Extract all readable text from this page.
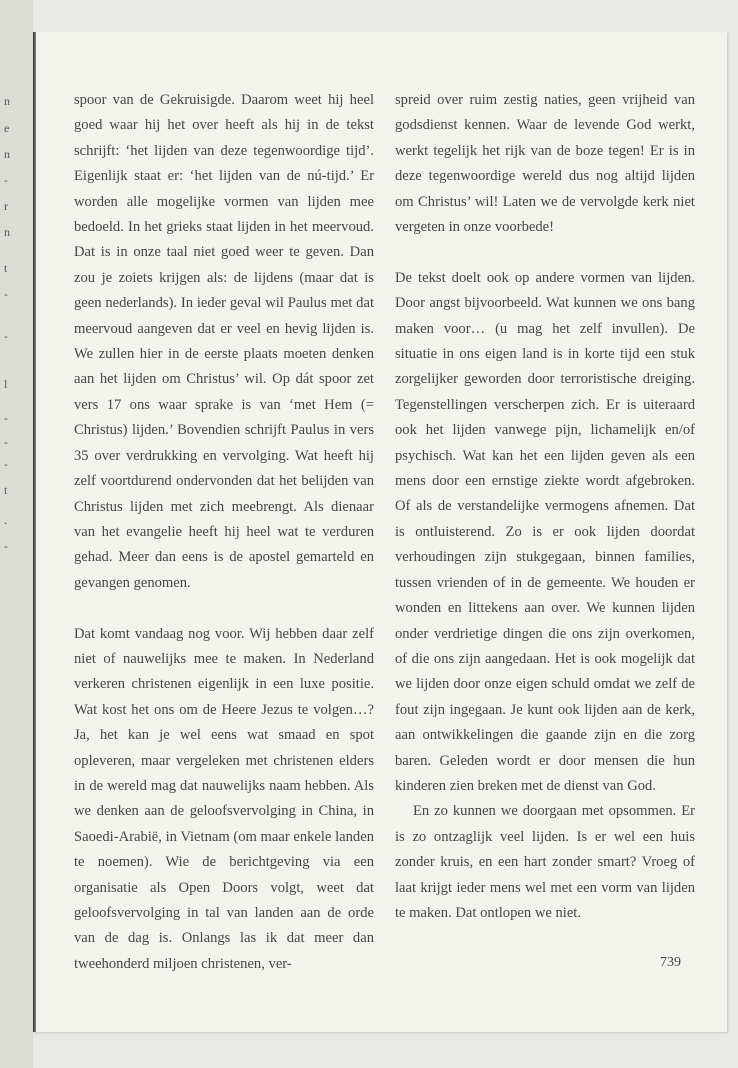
n
e
n
-
r
n
t
-
-
l
-
-
-
t
.
-

spoor van de Gekruisigde. Daarom weet hij heel goed waar hij het over heeft als hij in de tekst schrijft: ‘het lijden van deze tegenwoordige tijd’. Eigenlijk staat er: ‘het lijden van de nú-tijd.’ Er worden alle mogelijke vormen van lijden mee bedoeld. In het grieks staat lijden in het meervoud. Dat is in onze taal niet goed weer te geven. Dan zou je zoiets krijgen als: de lijdens (maar dat is geen nederlands). In ieder geval wil Paulus met dat meervoud aangeven dat er veel en hevig lijden is. We zullen hier in de eerste plaats moeten denken aan het lijden om Christus’ wil. Op dát spoor zet vers 17 ons waar sprake is van ‘met Hem (= Christus) lijden.’ Bovendien schrijft Paulus in vers 35 over verdrukking en vervolging. Wat heeft hij zelf voortdurend ondervonden dat het belijden van Christus lijden met zich meebrengt. Als dienaar van het evangelie heeft hij heel wat te verduren gehad. Meer dan eens is de apostel gemarteld en gevangen genomen.

Dat komt vandaag nog voor. Wij hebben daar zelf niet of nauwelijks mee te maken. In Nederland verkeren christenen eigenlijk in een luxe positie. Wat kost het ons om de Heere Jezus te volgen…? Ja, het kan je wel eens wat smaad en spot opleveren, maar vergeleken met christenen elders in de wereld mag dat nauwelijks naam hebben. Als we denken aan de geloofsvervolging in China, in Saoedi-Arabië, in Vietnam (om maar enkele landen te noemen). Wie de berichtgeving via een organisatie als Open Doors volgt, weet dat geloofsvervolging in tal van landen aan de orde van de dag is. Onlangs las ik dat meer dan tweehonderd miljoen christenen, ver-

spreid over ruim zestig naties, geen vrijheid van godsdienst kennen. Waar de levende God werkt, werkt tegelijk het rijk van de boze tegen! Er is in deze tegenwoordige wereld dus nog altijd lijden om Christus’ wil! Laten we de vervolgde kerk niet vergeten in onze voorbede!

De tekst doelt ook op andere vormen van lijden. Door angst bijvoorbeeld. Wat kunnen we ons bang maken voor… (u mag het zelf invullen). De situatie in ons eigen land is in korte tijd een stuk zorgelijker geworden door terroristische dreiging. Tegenstellingen verscherpen zich. Er is uiteraard ook het lijden vanwege pijn, lichamelijk en/of psychisch. Wat kan het een lijden geven als een mens door een ernstige ziekte wordt afgebroken. Of als de verstandelijke vermogens afnemen. Dat is ontluisterend. Zo is er ook lijden doordat verhoudingen zijn stukgegaan, binnen families, tussen vrienden of in de gemeente. We houden er wonden en littekens aan over. We kunnen lijden onder verdrietige dingen die ons zijn overkomen, of die ons zijn aangedaan. Het is ook mogelijk dat we lijden door onze eigen schuld omdat we zelf de fout zijn ingegaan. Je kunt ook lijden aan de kerk, aan ontwikkelingen die gaande zijn en die zorg baren. Geleden wordt er door mensen die hun kinderen zien breken met de dienst van God.

En zo kunnen we doorgaan met opsommen. Er is zo ontzaglijk veel lijden. Is er wel een huis zonder kruis, en een hart zonder smart? Vroeg of laat krijgt ieder mens wel met een vorm van lijden te maken. Dat ontlopen we niet.

739
